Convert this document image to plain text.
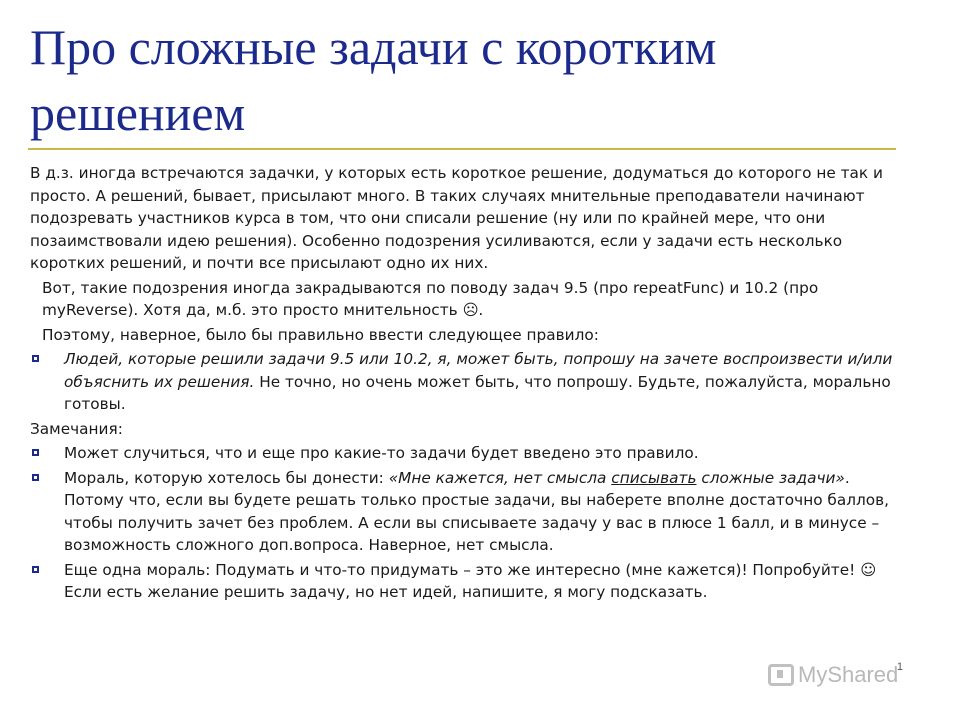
Про сложные задачи с коротким решением

В д.з. иногда встречаются задачки, у которых есть короткое решение, додуматься до которого не так и просто. А решений, бывает, присылают много. В таких случаях мнительные преподаватели начинают подозревать участников курса в том, что они списали решение (ну или по крайней мере, что они позаимствовали идею решения). Особенно подозрения усиливаются, если у задачи есть несколько коротких решений, и почти все присылают одно их них.

Вот, такие подозрения иногда закрадываются по поводу задач 9.5 (про repeatFunc) и 10.2 (про myReverse). Хотя да, м.б. это просто мнительность ☹.

Поэтому, наверное, было бы правильно ввести следующее правило:

Людей, которые решили задачи 9.5 или 10.2, я, может быть, попрошу на зачете воспроизвести и/или объяснить их решения. Не точно, но очень может быть, что попрошу. Будьте, пожалуйста, морально готовы.

Замечания:

Может случиться, что и еще про какие-то задачи будет введено это правило.
Мораль, которую хотелось бы донести: «Мне кажется, нет смысла списывать сложные задачи». Потому что, если вы будете решать только простые задачи, вы наберете вполне достаточно баллов, чтобы получить зачет без проблем. А если вы списываете задачу у вас в плюсе 1 балл, и в минусе – возможность сложного доп.вопроса. Наверное, нет смысла.
Еще одна мораль: Подумать и что-то придумать – это же интересно (мне кажется)! Попробуйте! ☺ Если есть желание решить задачу, но нет идей, напишите, я могу подсказать.
1
MyShared
